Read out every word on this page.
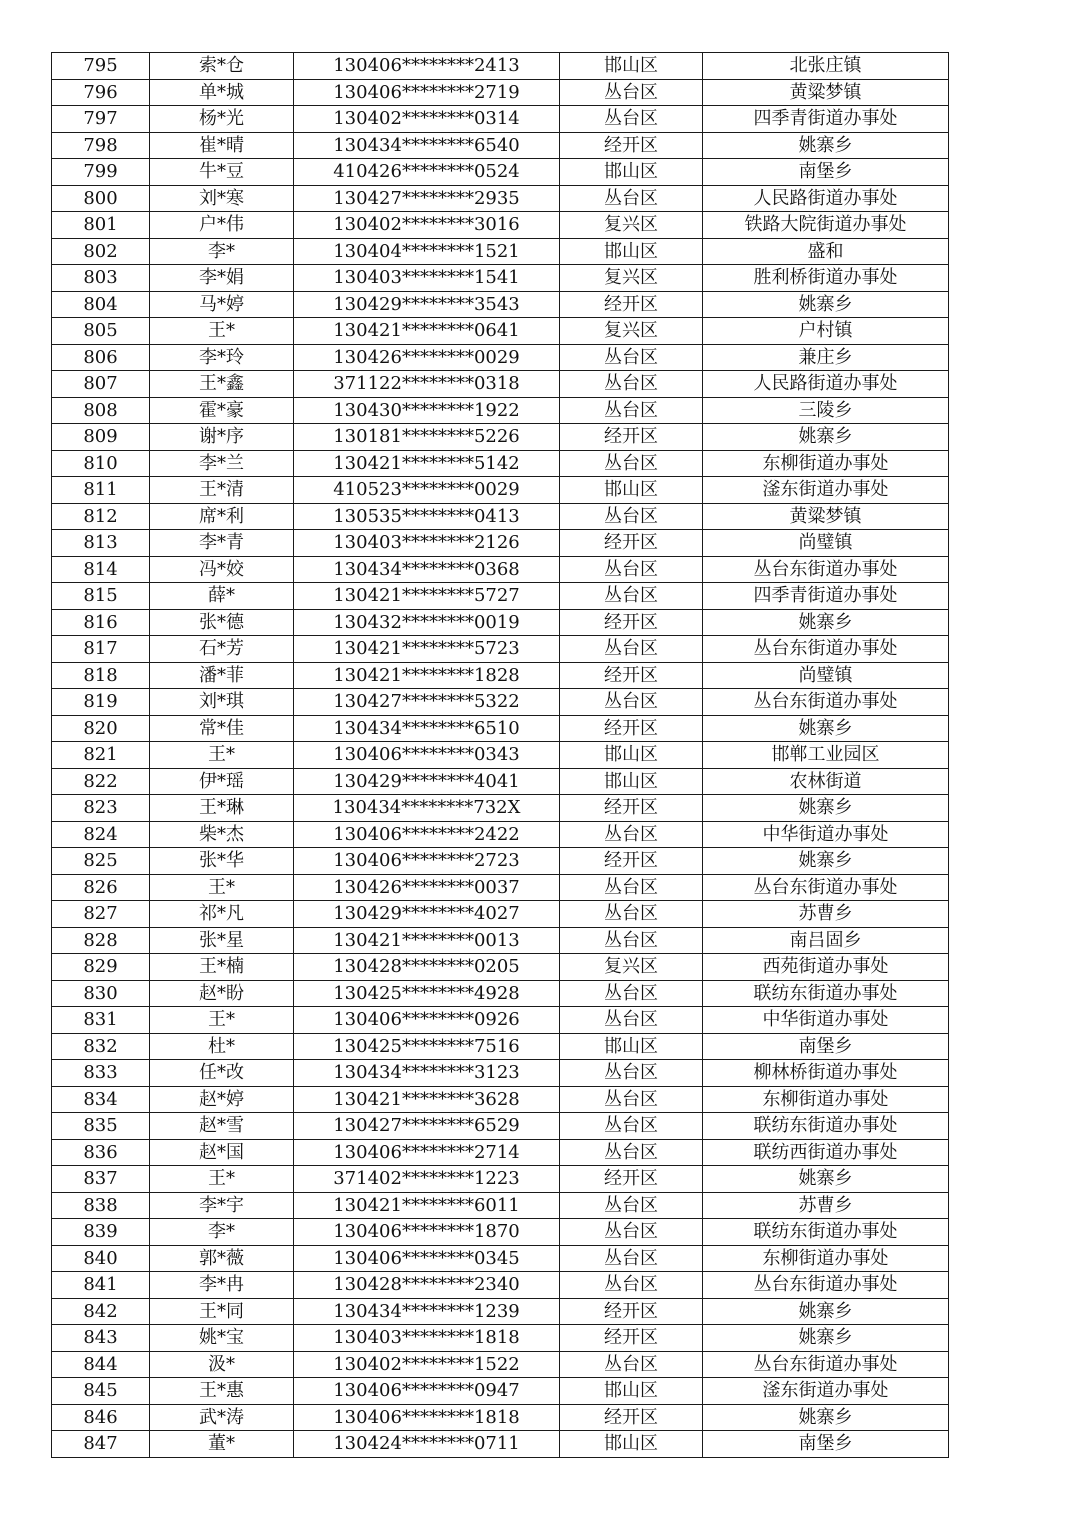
795	索*仓	130406********2413	邯山区	北张庄镇
796	单*城	130406********2719	丛台区	黄粱梦镇
797	杨*光	130402********0314	丛台区	四季青街道办事处
798	崔*晴	130434********6540	经开区	姚寨乡
799	牛*豆	410426********0524	邯山区	南堡乡
800	刘*寒	130427********2935	丛台区	人民路街道办事处
801	户*伟	130402********3016	复兴区	铁路大院街道办事处
802	李*	130404********1521	邯山区	盛和
803	李*娟	130403********1541	复兴区	胜利桥街道办事处
804	马*婷	130429********3543	经开区	姚寨乡
805	王*	130421********0641	复兴区	户村镇
806	李*玲	130426********0029	丛台区	兼庄乡
807	王*鑫	371122********0318	丛台区	人民路街道办事处
808	霍*豪	130430********1922	丛台区	三陵乡
809	谢*序	130181********5226	经开区	姚寨乡
810	李*兰	130421********5142	丛台区	东柳街道办事处
811	王*清	410523********0029	邯山区	滏东街道办事处
812	席*利	130535********0413	丛台区	黄粱梦镇
813	李*青	130403********2126	经开区	尚璧镇
814	冯*姣	130434********0368	丛台区	丛台东街道办事处
815	薛*	130421********5727	丛台区	四季青街道办事处
816	张*德	130432********0019	经开区	姚寨乡
817	石*芳	130421********5723	丛台区	丛台东街道办事处
818	潘*菲	130421********1828	经开区	尚璧镇
819	刘*琪	130427********5322	丛台区	丛台东街道办事处
820	常*佳	130434********6510	经开区	姚寨乡
821	王*	130406********0343	邯山区	邯郸工业园区
822	伊*瑶	130429********4041	邯山区	农林街道
823	王*琳	130434********732X	经开区	姚寨乡
824	柴*杰	130406********2422	丛台区	中华街道办事处
825	张*华	130406********2723	经开区	姚寨乡
826	王*	130426********0037	丛台区	丛台东街道办事处
827	祁*凡	130429********4027	丛台区	苏曹乡
828	张*星	130421********0013	丛台区	南吕固乡
829	王*楠	130428********0205	复兴区	西苑街道办事处
830	赵*盼	130425********4928	丛台区	联纺东街道办事处
831	王*	130406********0926	丛台区	中华街道办事处
832	杜*	130425********7516	邯山区	南堡乡
833	任*改	130434********3123	丛台区	柳林桥街道办事处
834	赵*婷	130421********3628	丛台区	东柳街道办事处
835	赵*雪	130427********6529	丛台区	联纺东街道办事处
836	赵*国	130406********2714	丛台区	联纺西街道办事处
837	王*	371402********1223	经开区	姚寨乡
838	李*宇	130421********6011	丛台区	苏曹乡
839	李*	130406********1870	丛台区	联纺东街道办事处
840	郭*薇	130406********0345	丛台区	东柳街道办事处
841	李*冉	130428********2340	丛台区	丛台东街道办事处
842	王*同	130434********1239	经开区	姚寨乡
843	姚*宝	130403********1818	经开区	姚寨乡
844	汲*	130402********1522	丛台区	丛台东街道办事处
845	王*惠	130406********0947	邯山区	滏东街道办事处
846	武*涛	130406********1818	经开区	姚寨乡
847	董*	130424********0711	邯山区	南堡乡
